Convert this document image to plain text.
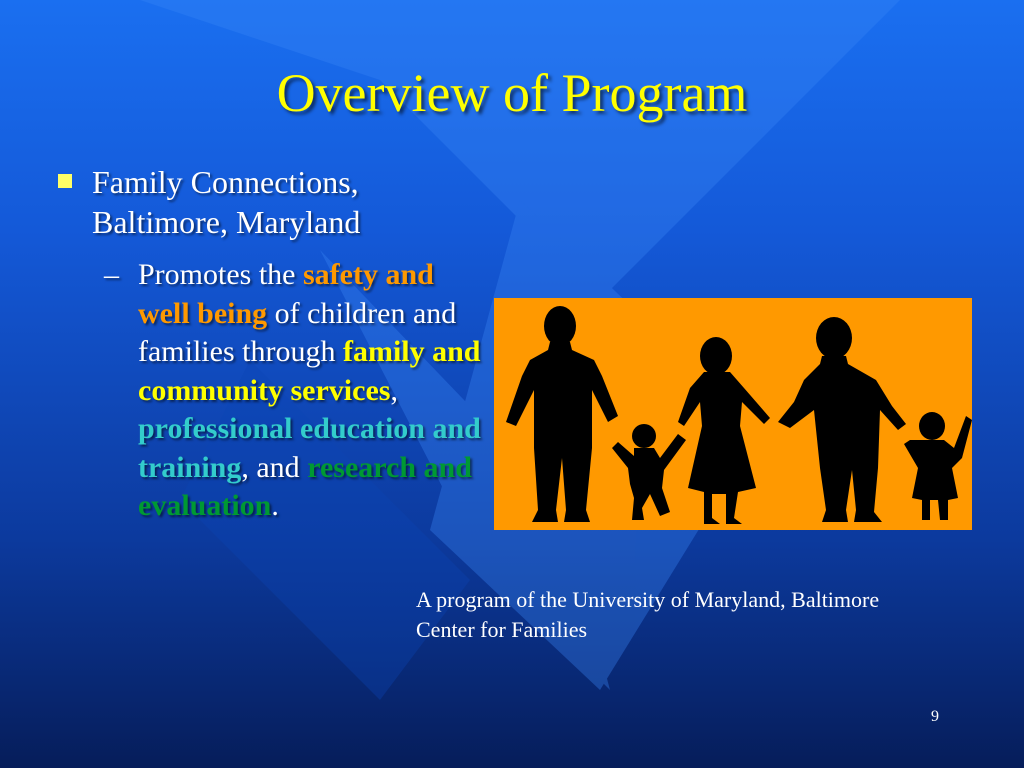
Overview of Program
Family Connections,
Baltimore, Maryland
– Promotes the safety and well being of children and families through family and community services, professional education and training, and research and evaluation.
A program of the University of Maryland, Baltimore
Center for Families
9
